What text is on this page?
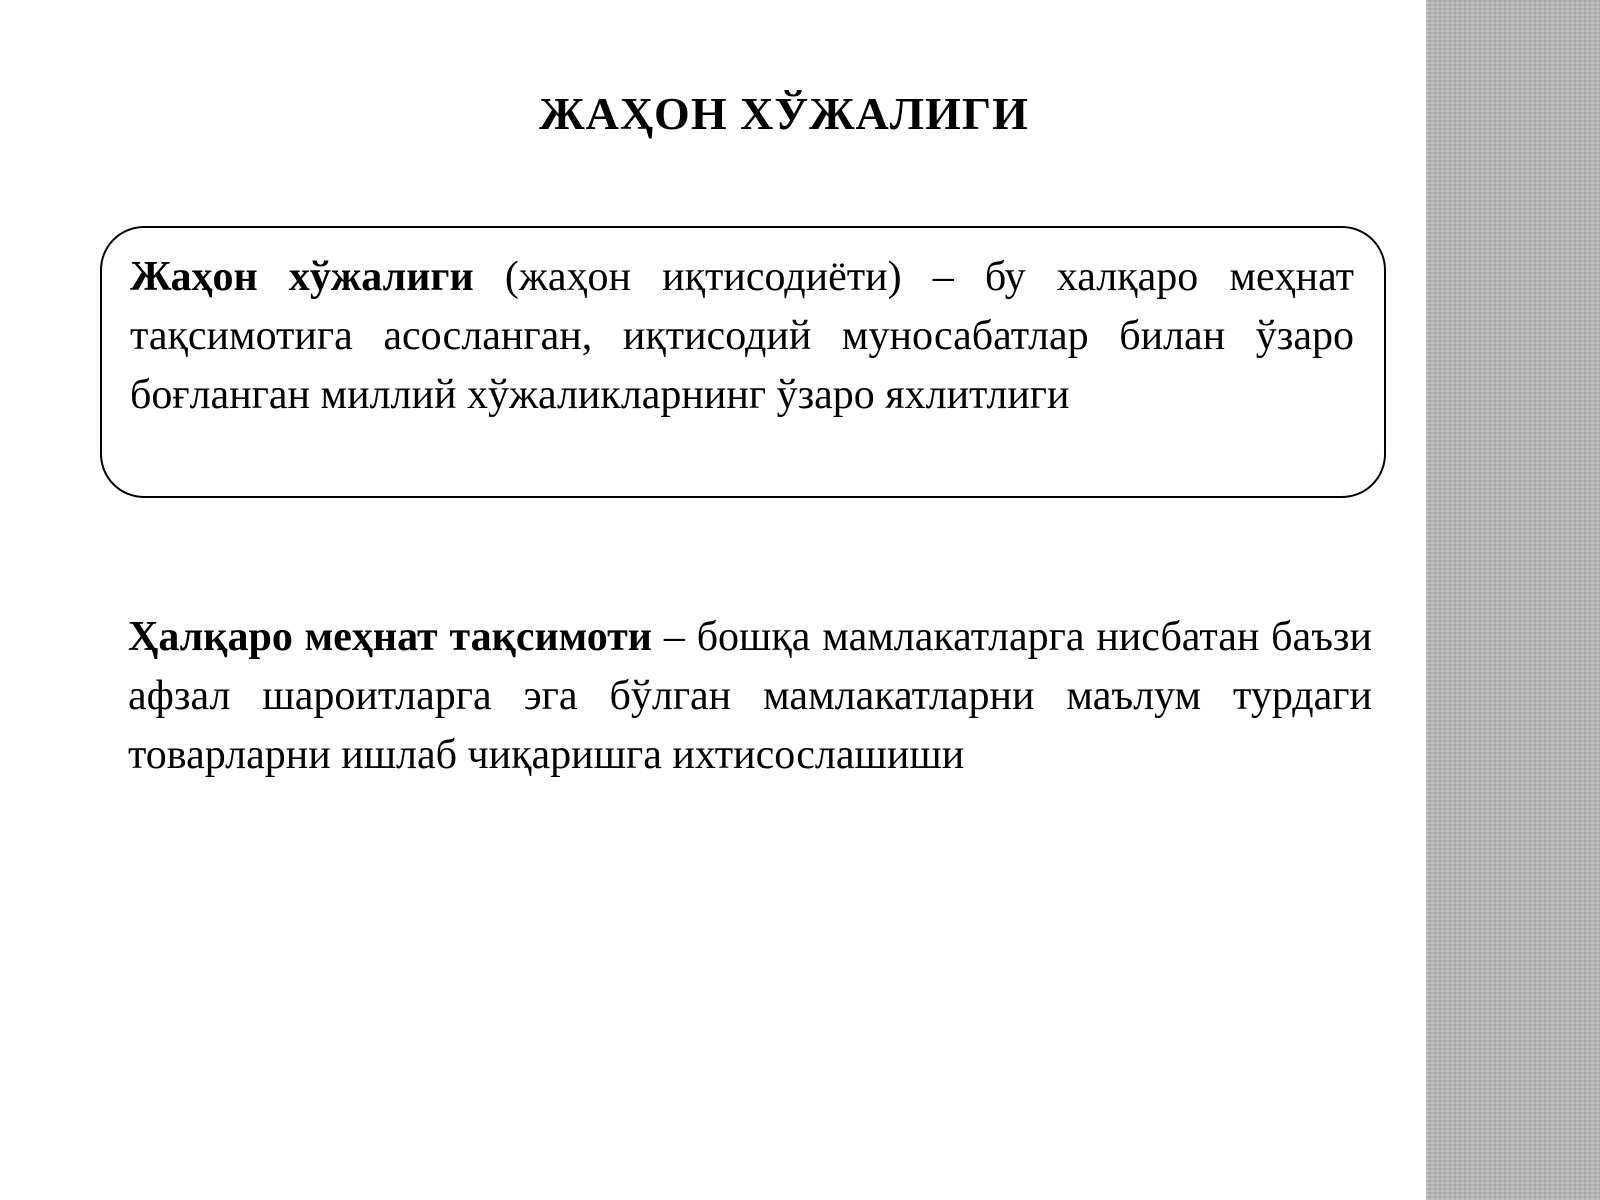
ЖАҲОН ХЎЖАЛИГИ

Жаҳон хўжалиги (жаҳон иқтисодиёти) – бу халқаро меҳнат тақсимотига асосланган, иқтисодий муносабатлар билан ўзаро боғланган миллий хўжаликларнинг ўзаро яхлитлиги

Ҳалқаро меҳнат тақсимоти – бошқа мамлакатларга нисбатан баъзи афзал шароитларга эга бўлган мамлакатларни маълум турдаги товарларни ишлаб чиқаришга ихтисослашиши
